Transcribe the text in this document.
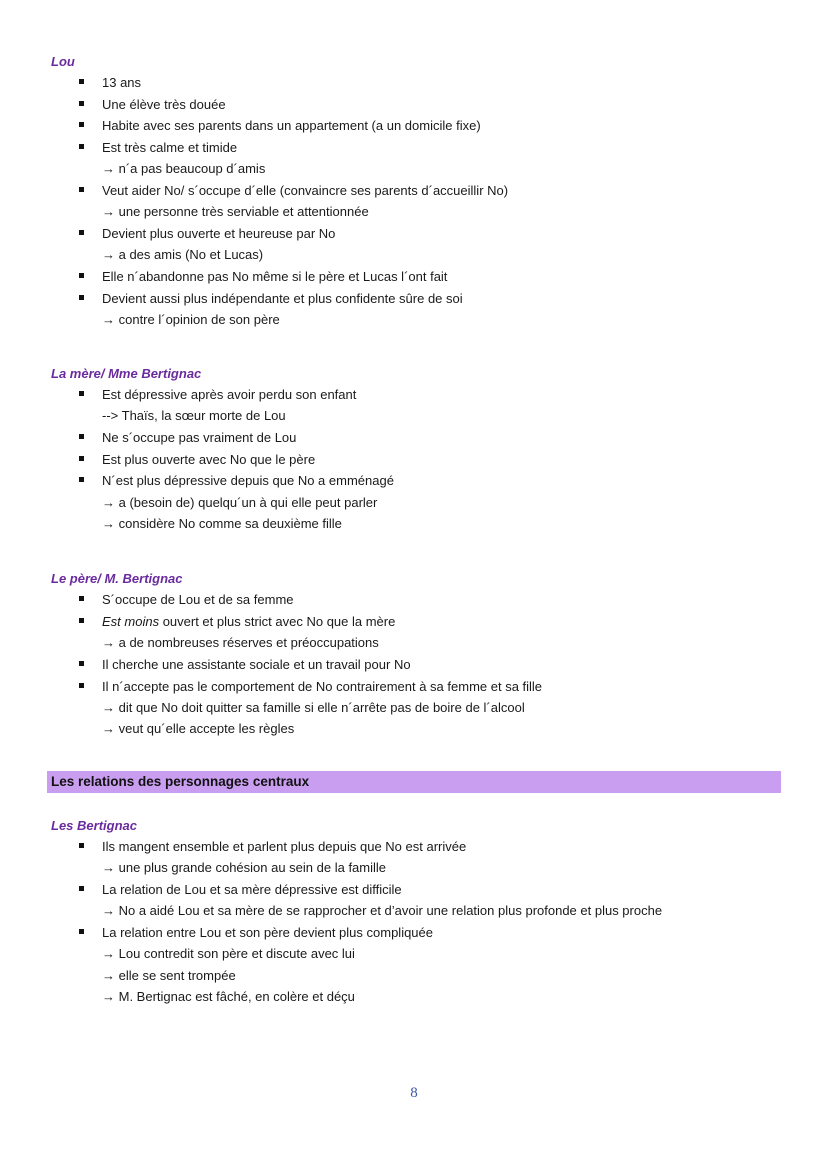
Lou
13 ans
Une élève très douée
Habite avec ses parents dans un appartement (a un domicile fixe)
Est très calme et timide
→ n´a pas beaucoup d´amis
Veut aider No/ s´occupe d´elle (convaincre ses parents d´accueillir No)
→ une personne très serviable et attentionnée
Devient plus ouverte et heureuse par No
→ a des amis (No et Lucas)
Elle n´abandonne pas No même si le père et Lucas l´ont fait
Devient aussi plus indépendante et plus confidente sûre de soi
→ contre l´opinion de son père
La mère/ Mme Bertignac
Est dépressive après avoir perdu son enfant
--> Thaïs, la sœur morte de Lou
Ne s´occupe pas vraiment de Lou
Est plus ouverte avec No que le père
N´est plus dépressive depuis que No a emménagé
→ a (besoin de) quelqu´un à qui elle peut parler
→ considère No comme sa deuxième fille
Le père/ M. Bertignac
S´occupe de Lou et de sa femme
Est moins ouvert et plus strict avec No que la mère
→ a de nombreuses réserves et préoccupations
Il cherche une assistante sociale et un travail pour No
Il n´accepte pas le comportement de No contrairement à sa femme et sa fille
→ dit que No doit quitter sa famille si elle n´arrête pas de boire de l´alcool
→ veut qu´elle accepte les règles
Les relations des personnages centraux
Les Bertignac
Ils mangent ensemble et parlent plus depuis que No est arrivée
→ une plus grande cohésion au sein de la famille
La relation de Lou et sa mère dépressive est difficile
→ No a aidé Lou et sa mère de se rapprocher et d’avoir une relation plus profonde et plus proche
La relation entre Lou et son père devient plus compliquée
→ Lou contredit son père et discute avec lui
→ elle se sent trompée
→ M. Bertignac est fâché, en colère et déçu
8
